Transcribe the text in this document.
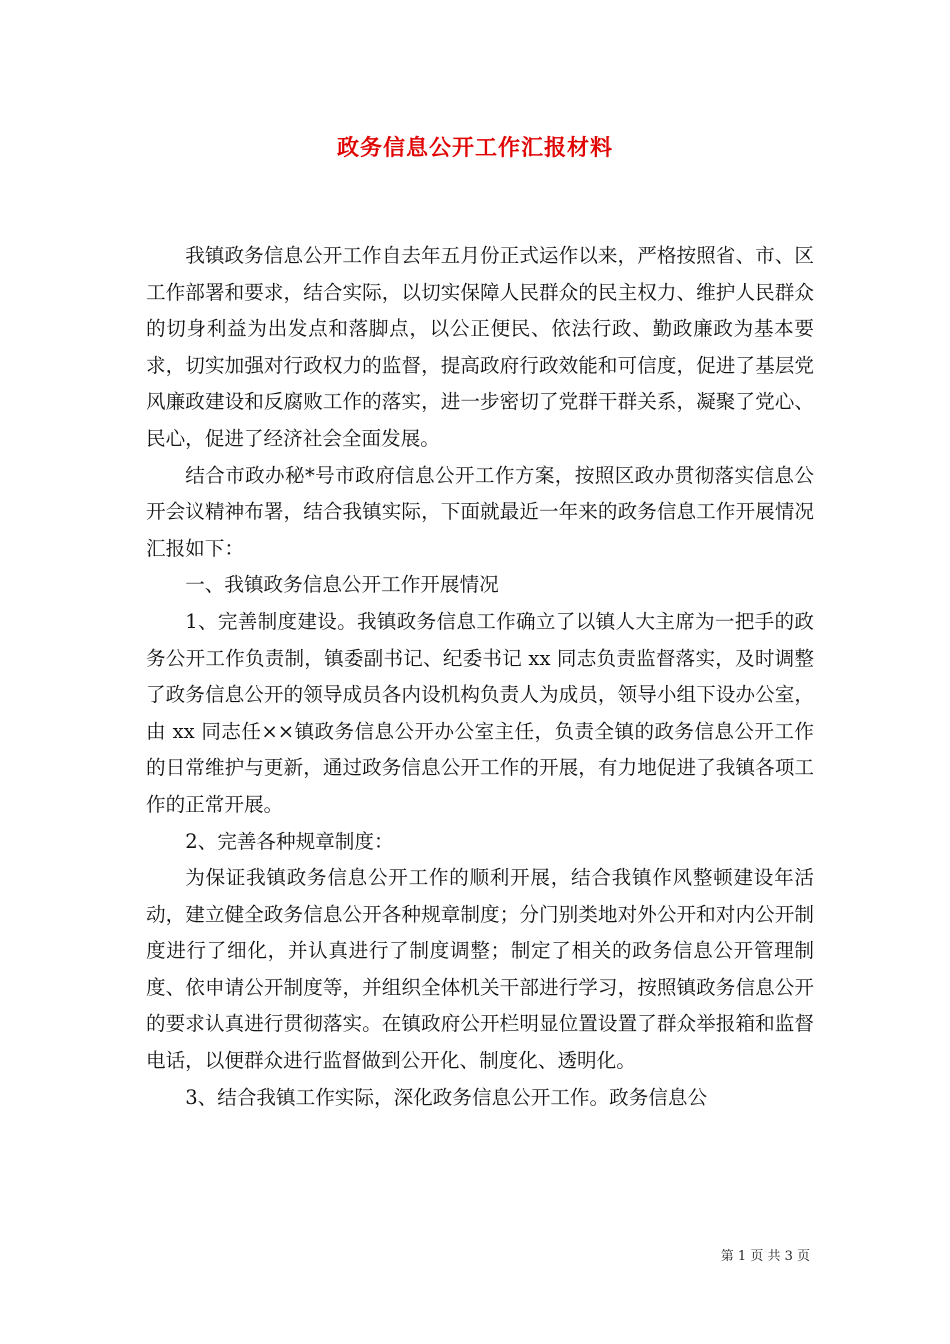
政务信息公开工作汇报材料

我镇政务信息公开工作自去年五月份正式运作以来，严格按照省、市、区工作部署和要求，结合实际，以切实保障人民群众的民主权力、维护人民群众的切身利益为出发点和落脚点，以公正便民、依法行政、勤政廉政为基本要求，切实加强对行政权力的监督，提高政府行政效能和可信度，促进了基层党风廉政建设和反腐败工作的落实，进一步密切了党群干群关系，凝聚了党心、民心，促进了经济社会全面发展。

结合市政办秘*号市政府信息公开工作方案，按照区政办贯彻落实信息公开会议精神布署，结合我镇实际，下面就最近一年来的政务信息工作开展情况汇报如下：

一、我镇政务信息公开工作开展情况

1、完善制度建设。我镇政务信息工作确立了以镇人大主席为一把手的政务公开工作负责制，镇委副书记、纪委书记 xx 同志负责监督落实，及时调整了政务信息公开的领导成员各内设机构负责人为成员，领导小组下设办公室，由 xx 同志任××镇政务信息公开办公室主任，负责全镇的政务信息公开工作的日常维护与更新，通过政务信息公开工作的开展，有力地促进了我镇各项工作的正常开展。

2、完善各种规章制度：

为保证我镇政务信息公开工作的顺利开展，结合我镇作风整顿建设年活动，建立健全政务信息公开各种规章制度；分门别类地对外公开和对内公开制度进行了细化，并认真进行了制度调整；制定了相关的政务信息公开管理制度、依申请公开制度等，并组织全体机关干部进行学习，按照镇政务信息公开的要求认真进行贯彻落实。在镇政府公开栏明显位置设置了群众举报箱和监督电话，以便群众进行监督做到公开化、制度化、透明化。

3、结合我镇工作实际，深化政务信息公开工作。政务信息公

第 1 页 共 3 页
